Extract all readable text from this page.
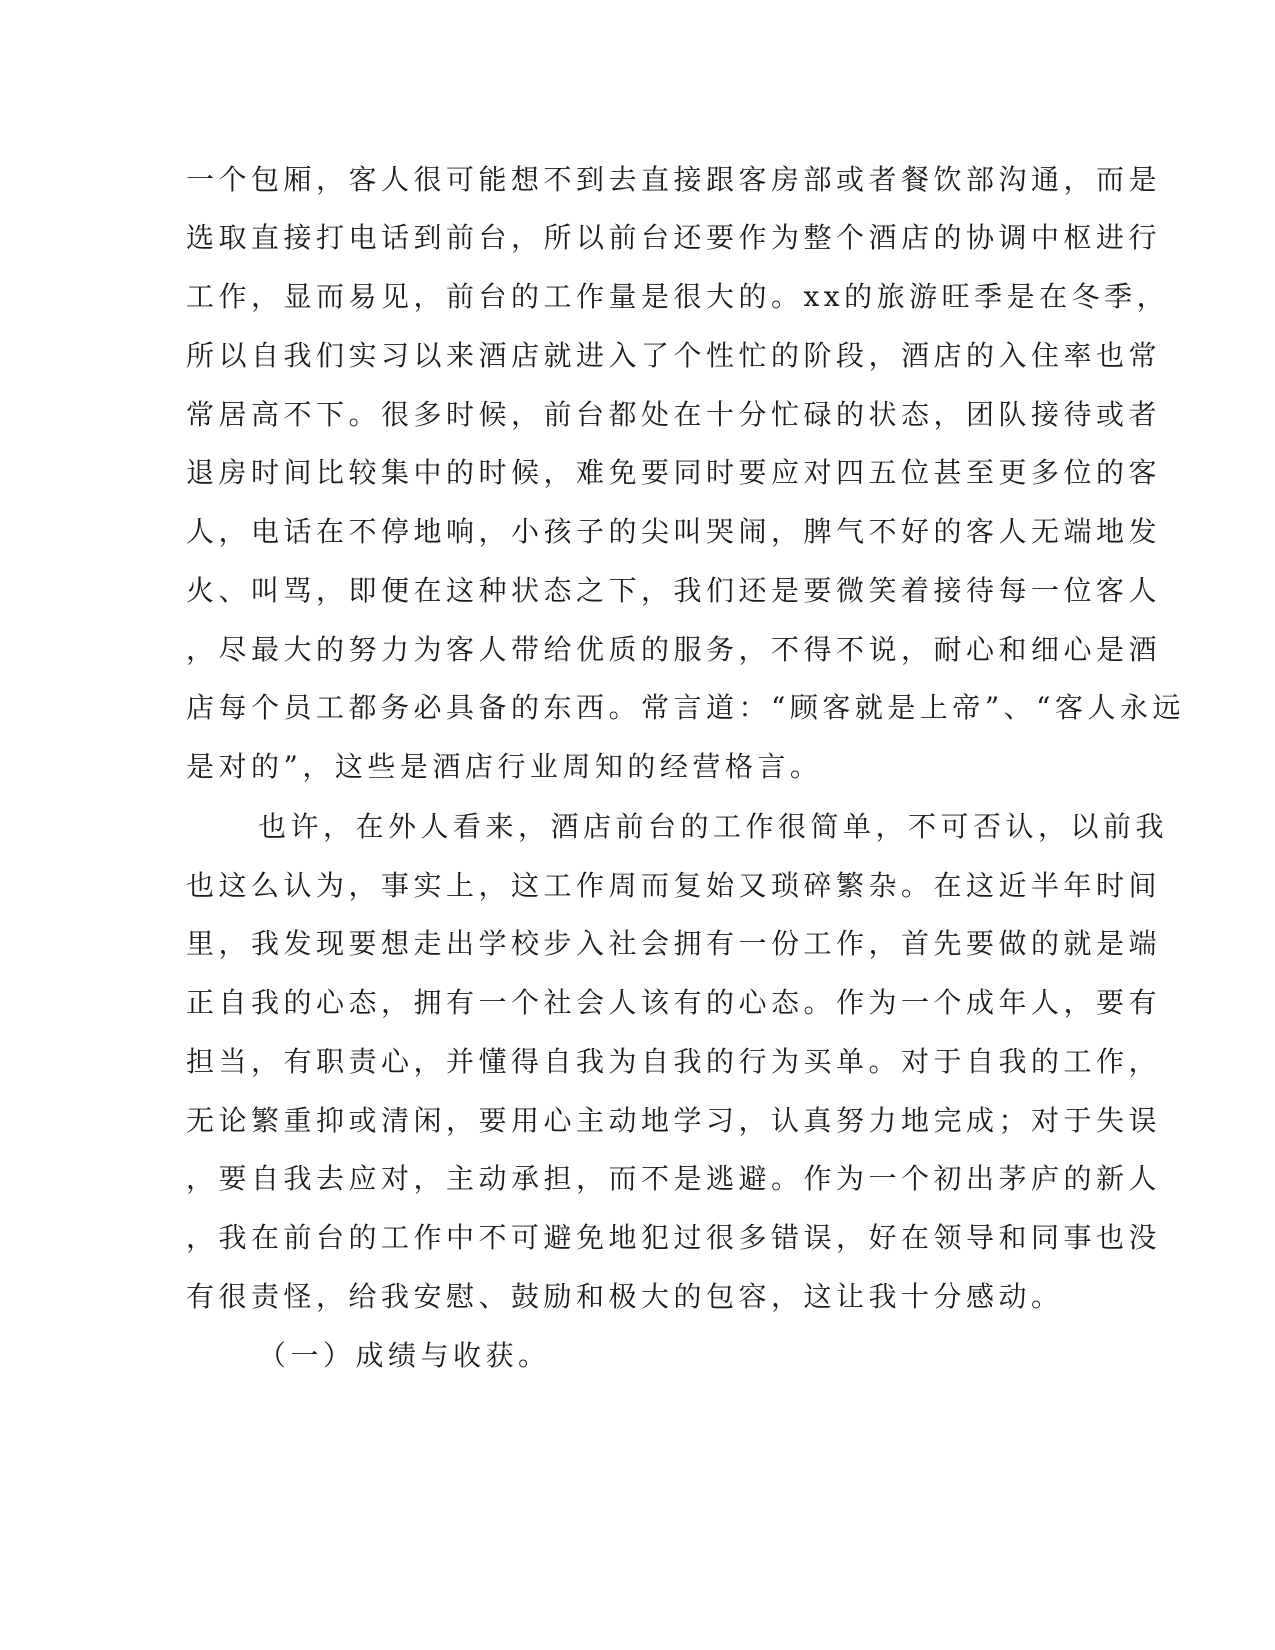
一个包厢，客人很可能想不到去直接跟客房部或者餐饮部沟通，而是
选取直接打电话到前台，所以前台还要作为整个酒店的协调中枢进行
工作，显而易见，前台的工作量是很大的。xx的旅游旺季是在冬季，
所以自我们实习以来酒店就进入了个性忙的阶段，酒店的入住率也常
常居高不下。很多时候，前台都处在十分忙碌的状态，团队接待或者
退房时间比较集中的时候，难免要同时要应对四五位甚至更多位的客
人，电话在不停地响，小孩子的尖叫哭闹，脾气不好的客人无端地发
火、叫骂，即便在这种状态之下，我们还是要微笑着接待每一位客人
，尽最大的努力为客人带给优质的服务，不得不说，耐心和细心是酒
店每个员工都务必具备的东西。常言道：“顾客就是上帝”、“客人永远
是对的”，这些是酒店行业周知的经营格言。
也许，在外人看来，酒店前台的工作很简单，不可否认，以前我
也这么认为，事实上，这工作周而复始又琐碎繁杂。在这近半年时间
里，我发现要想走出学校步入社会拥有一份工作，首先要做的就是端
正自我的心态，拥有一个社会人该有的心态。作为一个成年人，要有
担当，有职责心，并懂得自我为自我的行为买单。对于自我的工作，
无论繁重抑或清闲，要用心主动地学习，认真努力地完成；对于失误
，要自我去应对，主动承担，而不是逃避。作为一个初出茅庐的新人
，我在前台的工作中不可避免地犯过很多错误，好在领导和同事也没
有很责怪，给我安慰、鼓励和极大的包容，这让我十分感动。
（一）成绩与收获。
